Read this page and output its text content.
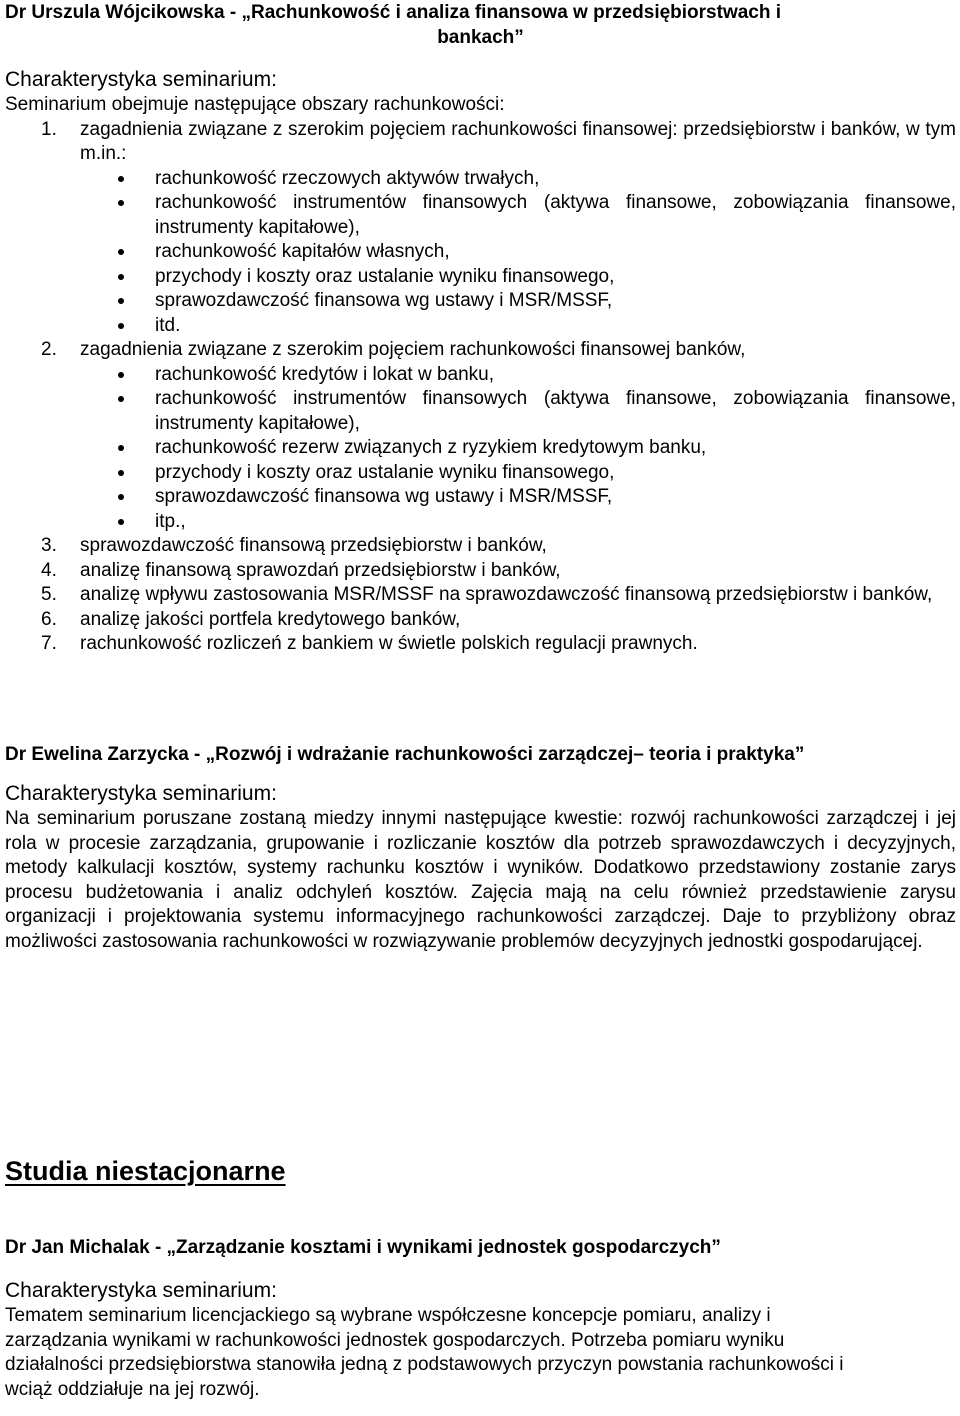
Dr Urszula Wójcikowska - „Rachunkowość i analiza finansowa w przedsiębiorstwach i
bankach”

Charakterystyka seminarium:

Seminarium obejmuje następujące obszary rachunkowości:

1. zagadnienia związane z szerokim pojęciem rachunkowości finansowej: przedsiębiorstw i banków, w tym m.in.:
rachunkowość rzeczowych aktywów trwałych,
rachunkowość instrumentów finansowych (aktywa finansowe, zobowiązania finansowe, instrumenty kapitałowe),
rachunkowość kapitałów własnych,
przychody i koszty oraz ustalanie wyniku finansowego,
sprawozdawczość finansowa wg ustawy i MSR/MSSF,
itd.
2. zagadnienia związane z szerokim pojęciem rachunkowości finansowej banków,
rachunkowość kredytów i lokat w banku,
rachunkowość instrumentów finansowych (aktywa finansowe, zobowiązania finansowe, instrumenty kapitałowe),
rachunkowość rezerw związanych z ryzykiem kredytowym banku,
przychody i koszty oraz ustalanie wyniku finansowego,
sprawozdawczość finansowa wg ustawy i MSR/MSSF,
itp.,
3. sprawozdawczość finansową przedsiębiorstw i banków,
4. analizę finansową sprawozdań przedsiębiorstw i banków,
5. analizę wpływu zastosowania MSR/MSSF na sprawozdawczość finansową przedsiębiorstw i banków,
6. analizę jakości portfela kredytowego banków,
7. rachunkowość rozliczeń z bankiem w świetle polskich regulacji prawnych.
Dr Ewelina Zarzycka - „Rozwój i wdrażanie rachunkowości zarządczej– teoria i praktyka”

Charakterystyka seminarium:

Na seminarium poruszane zostaną miedzy innymi następujące kwestie: rozwój rachunkowości zarządczej i jej rola w procesie zarządzania, grupowanie i rozliczanie kosztów dla potrzeb sprawozdawczych i decyzyjnych, metody kalkulacji kosztów, systemy rachunku kosztów i wyników. Dodatkowo przedstawiony zostanie zarys procesu budżetowania i analiz odchyleń kosztów. Zajęcia mają na celu również przedstawienie zarysu organizacji i projektowania systemu informacyjnego rachunkowości zarządczej. Daje to przybliżony obraz możliwości zastosowania rachunkowości w rozwiązywanie problemów decyzyjnych jednostki gospodarującej.

Studia niestacjonarne
Dr Jan Michalak - „Zarządzanie kosztami i wynikami jednostek gospodarczych”

Charakterystyka seminarium:

Tematem seminarium licencjackiego są wybrane współczesne koncepcje pomiaru, analizy i

zarządzania wynikami w rachunkowości jednostek gospodarczych. Potrzeba pomiaru wyniku

działalności przedsiębiorstwa stanowiła jedną z podstawowych przyczyn powstania rachunkowości i

wciąż oddziałuje na jej rozwój.
